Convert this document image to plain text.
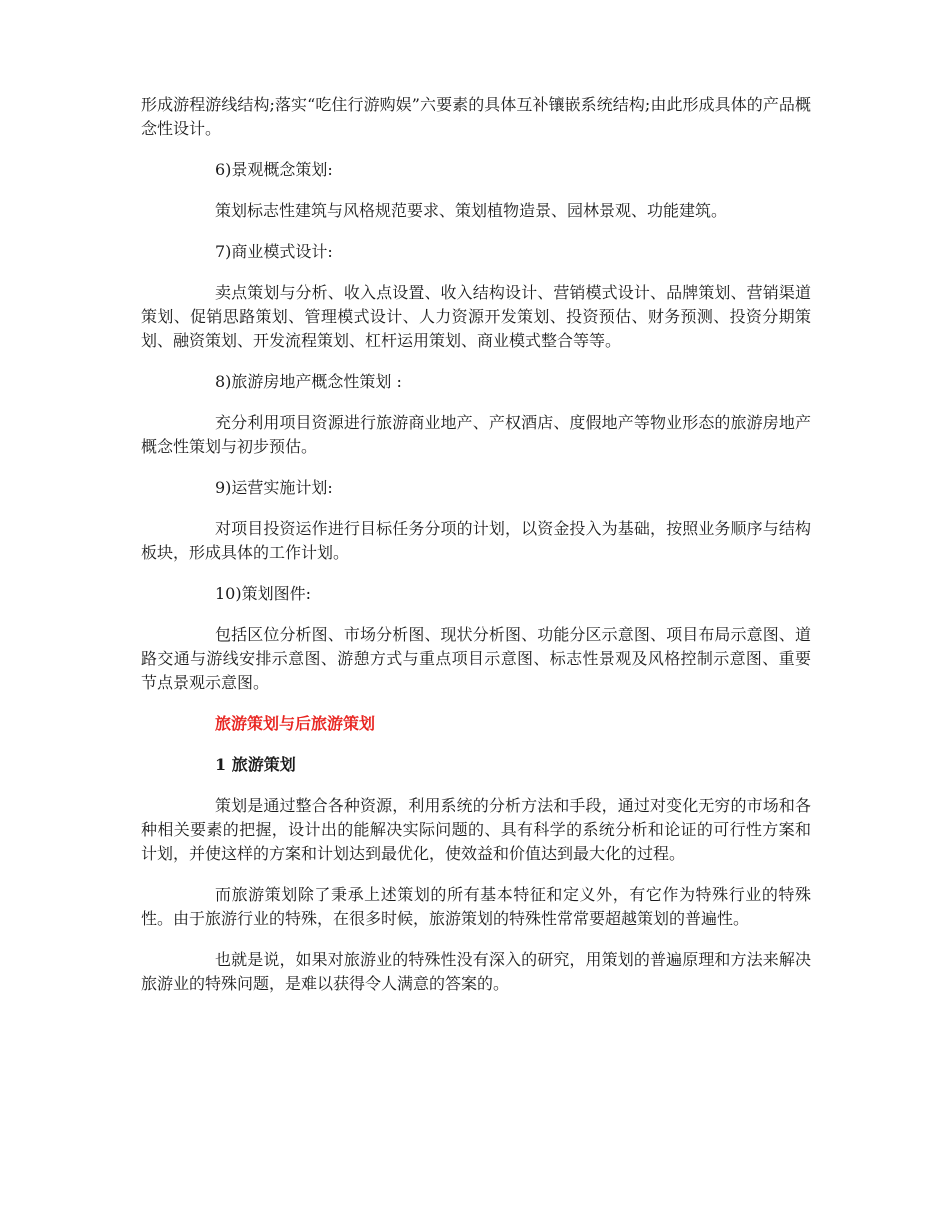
形成游程游线结构;落实“吃住行游购娱”六要素的具体互补镶嵌系统结构;由此形成具体的产品概念性设计。

6)景观概念策划:

策划标志性建筑与风格规范要求、策划植物造景、园林景观、功能建筑。

7)商业模式设计:

卖点策划与分析、收入点设置、收入结构设计、营销模式设计、品牌策划、营销渠道策划、促销思路策划、管理模式设计、人力资源开发策划、投资预估、财务预测、投资分期策划、融资策划、开发流程策划、杠杆运用策划、商业模式整合等等。

8)旅游房地产概念性策划 :

充分利用项目资源进行旅游商业地产、产权酒店、度假地产等物业形态的旅游房地产概念性策划与初步预估。

9)运营实施计划:

对项目投资运作进行目标任务分项的计划，以资金投入为基础，按照业务顺序与结构板块，形成具体的工作计划。

10)策划图件:

包括区位分析图、市场分析图、现状分析图、功能分区示意图、项目布局示意图、道路交通与游线安排示意图、游憩方式与重点项目示意图、标志性景观及风格控制示意图、重要节点景观示意图。

旅游策划与后旅游策划

1 旅游策划

策划是通过整合各种资源，利用系统的分析方法和手段，通过对变化无穷的市场和各种相关要素的把握，设计出的能解决实际问题的、具有科学的系统分析和论证的可行性方案和计划，并使这样的方案和计划达到最优化，使效益和价值达到最大化的过程。

而旅游策划除了秉承上述策划的所有基本特征和定义外，有它作为特殊行业的特殊性。由于旅游行业的特殊，在很多时候，旅游策划的特殊性常常要超越策划的普遍性。

也就是说，如果对旅游业的特殊性没有深入的研究，用策划的普遍原理和方法来解决旅游业的特殊问题，是难以获得令人满意的答案的。
